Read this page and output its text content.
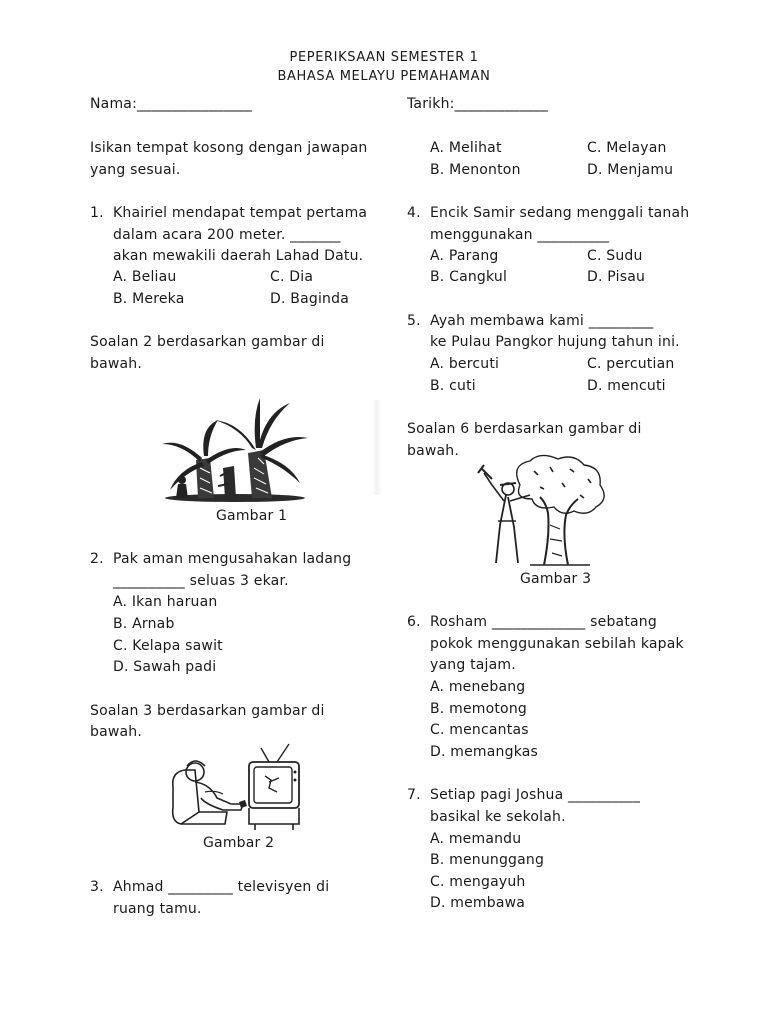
PEPERIKSAAN SEMESTER 1
BAHASA MELAYU PEMAHAMAN
Nama:________________	Tarikh:_____________
Isikan tempat kosong dengan jawapan
yang sesuai.
1. Khairiel mendapat tempat pertama
dalam acara 200 meter. _______
akan mewakili daerah Lahad Datu.
A. Beliau	C. Dia
B. Mereka	D. Baginda
Soalan 2 berdasarkan gambar di
bawah.
Gambar 1
2. Pak aman mengusahakan ladang
__________ seluas 3 ekar.
A. Ikan haruan
B. Arnab
C. Kelapa sawit
D. Sawah padi
Soalan 3 berdasarkan gambar di
bawah.
Gambar 2
3. Ahmad _________ televisyen di
ruang tamu.
A. Melihat	C. Melayan
B. Menonton	D. Menjamu
4. Encik Samir sedang menggali tanah
menggunakan __________
A. Parang	C. Sudu
B. Cangkul	D. Pisau
5. Ayah membawa kami _________
ke Pulau Pangkor hujung tahun ini.
A. bercuti	C. percutian
B. cuti	D. mencuti
Soalan 6 berdasarkan gambar di
bawah.
Gambar 3
6. Rosham _____________ sebatang
pokok menggunakan sebilah kapak
yang tajam.
A. menebang
B. memotong
C. mencantas
D. memangkas
7. Setiap pagi Joshua __________
basikal ke sekolah.
A. memandu
B. menunggang
C. mengayuh
D. membawa
